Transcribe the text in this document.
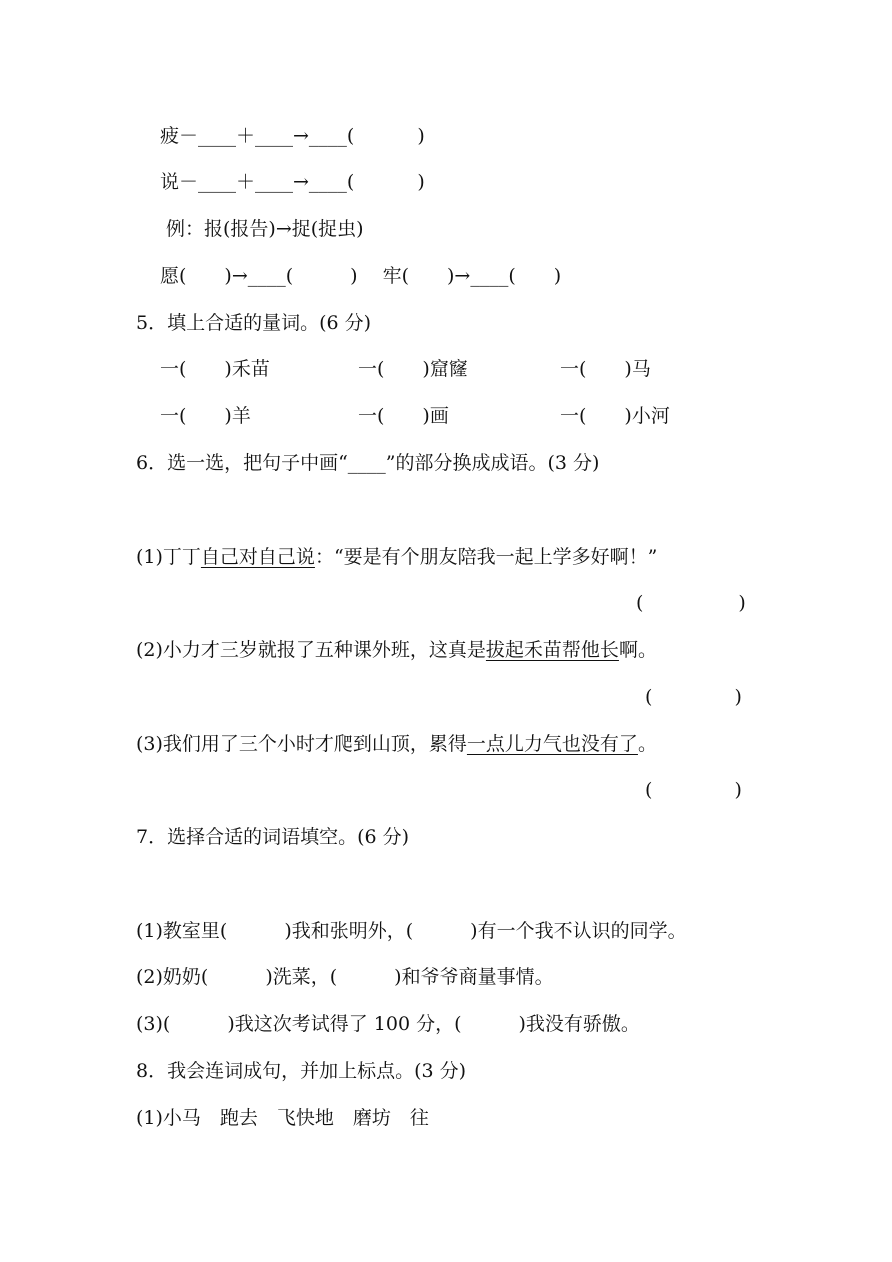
疲－____＋____→____(　　　 )
说－____＋____→____(　　　 )
例：报(报告)→捉(捉虫)
愿(　　)→____(　　　)　 牢(　　)→____(　　)
5．填上合适的量词。(6 分)
一(　　)禾苗	一(　　)窟窿	一(　　)马
一(　　)羊	一(　　)画	一(　　)小河
6．选一选，把句子中画“____”的部分换成成语。(3 分)
(1)丁丁自己对自己说：“要是有个朋友陪我一起上学多好啊！”
(　　　　　)
(2)小力才三岁就报了五种课外班，这真是拔起禾苗帮他长啊。
(　　　　 )
(3)我们用了三个小时才爬到山顶，累得一点儿力气也没有了。
(　　　　 )
7．选择合适的词语填空。(6 分)
(1)教室里(　　　)我和张明外，(　　　)有一个我不认识的同学。
(2)奶奶(　　　)洗菜，(　　　)和爷爷商量事情。
(3)(　　　)我这次考试得了 100 分，(　　　)我没有骄傲。
8．我会连词成句，并加上标点。(3 分)
(1)小马　跑去　飞快地　磨坊　往
